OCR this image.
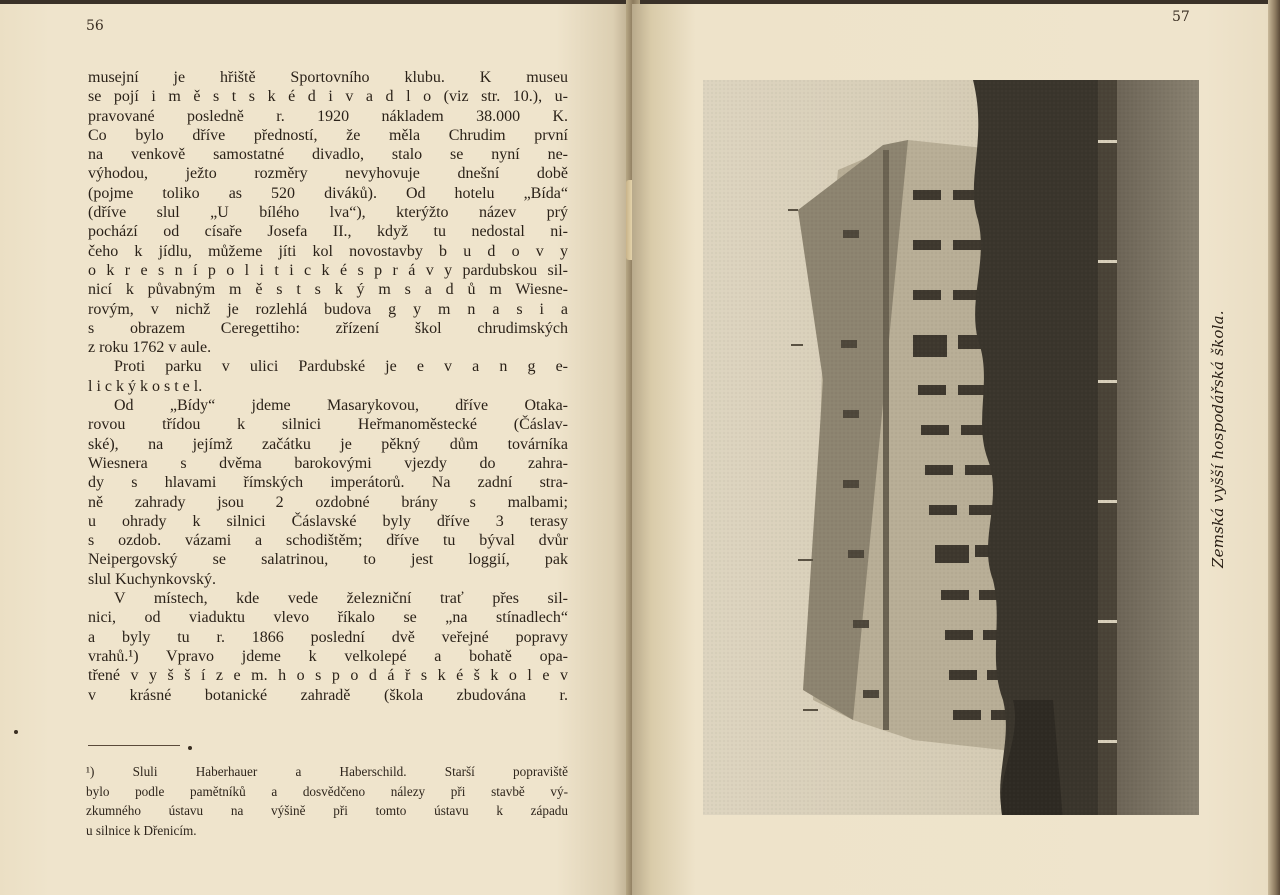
56
musejní je hřiště Sportovního klubu. K museu
se pojí i m ě s t s k é d i v a d l o (viz str. 10.), u-
pravované posledně r. 1920 nákladem 38.000 K.
Co bylo dříve předností, že měla Chrudim první
na venkově samostatné divadlo, stalo se nyní ne-
výhodou, ježto rozměry nevyhovuje dnešní době
(pojme toliko as 520 diváků). Od hotelu „Bída“
(dříve slul „U bílého lva“), kterýžto název prý
pochází od císaře Josefa II., když tu nedostal ni-
čeho k jídlu, můžeme jíti kol novostavby b u d o v y
o k r e s n í p o l i t i c k é s p r á v y pardubskou sil-
nicí k půvabným m ě s t s k ý m s a d ů m Wiesne-
rovým, v nichž je rozlehlá budova g y m n a s i a
s obrazem Ceregettiho: zřízení škol chrudimských
z roku 1762 v aule.
Proti parku v ulici Pardubské je e v a n g e-
l i c k ý k o s t e l.
Od „Bídy“ jdeme Masarykovou, dříve Otaka-
rovou třídou k silnici Heřmanoměstecké (Čáslav-
ské), na jejímž začátku je pěkný dům továrníka
Wiesnera s dvěma barokovými vjezdy do zahra-
dy s hlavami římských imperátorů. Na zadní stra-
ně zahrady jsou 2 ozdobné brány s malbami;
u ohrady k silnici Čáslavské byly dříve 3 terasy
s ozdob. vázami a schodištěm; dříve tu býval dvůr
Neipergovský se salatrinou, to jest loggií, pak
slul Kuchynkovský.
V místech, kde vede železniční trať přes sil-
nici, od viaduktu vlevo říkalo se „na stínadlech“
a byly tu r. 1866 poslední dvě veřejné popravy
vrahů.¹) Vpravo jdeme k velkolepé a bohatě opa-
třené v y š š í z e m. h o s p o d á ř s k é š k o l e v
v krásné botanické zahradě (škola zbudována r.
¹) Sluli Haberhauer a Haberschild. Starší popraviště
bylo podle pamětníků a dosvědčeno nálezy při stavbě vý-
zkumného ústavu na výšině při tomto ústavu k západu
u silnice k Dřenicím.
57
Zemská vyšší hospodářská škola.
